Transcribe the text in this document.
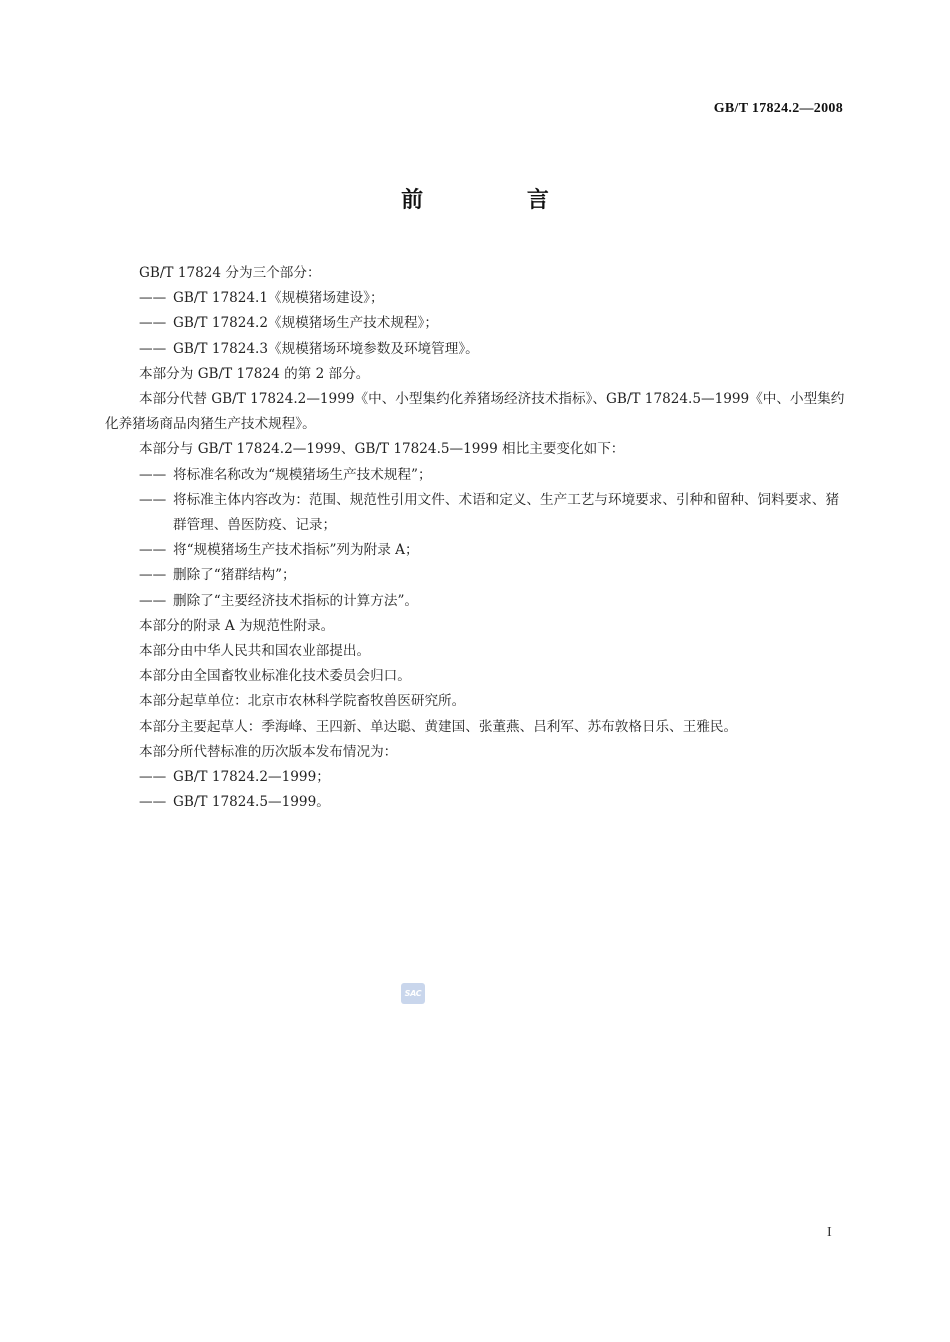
GB/T 17824.2—2008
前 言

GB/T 17824 分为三个部分：

—— GB/T 17824.1《规模猪场建设》；

—— GB/T 17824.2《规模猪场生产技术规程》；

—— GB/T 17824.3《规模猪场环境参数及环境管理》。

本部分为 GB/T 17824 的第 2 部分。

本部分代替 GB/T 17824.2—1999《中、小型集约化养猪场经济技术指标》、GB/T 17824.5—1999《中、小型集约化养猪场商品肉猪生产技术规程》。

本部分与 GB/T 17824.2—1999、GB/T 17824.5—1999 相比主要变化如下：

—— 将标准名称改为“规模猪场生产技术规程”；

—— 将标准主体内容改为：范围、规范性引用文件、术语和定义、生产工艺与环境要求、引种和留种、饲料要求、猪群管理、兽医防疫、记录；

—— 将“规模猪场生产技术指标”列为附录 A；

—— 删除了“猪群结构”；

—— 删除了“主要经济技术指标的计算方法”。

本部分的附录 A 为规范性附录。

本部分由中华人民共和国农业部提出。

本部分由全国畜牧业标准化技术委员会归口。

本部分起草单位：北京市农林科学院畜牧兽医研究所。

本部分主要起草人：季海峰、王四新、单达聪、黄建国、张董燕、吕利军、苏布敦格日乐、王雅民。

本部分所代替标准的历次版本发布情况为：

—— GB/T 17824.2—1999；

—— GB/T 17824.5—1999。

SAC
I
